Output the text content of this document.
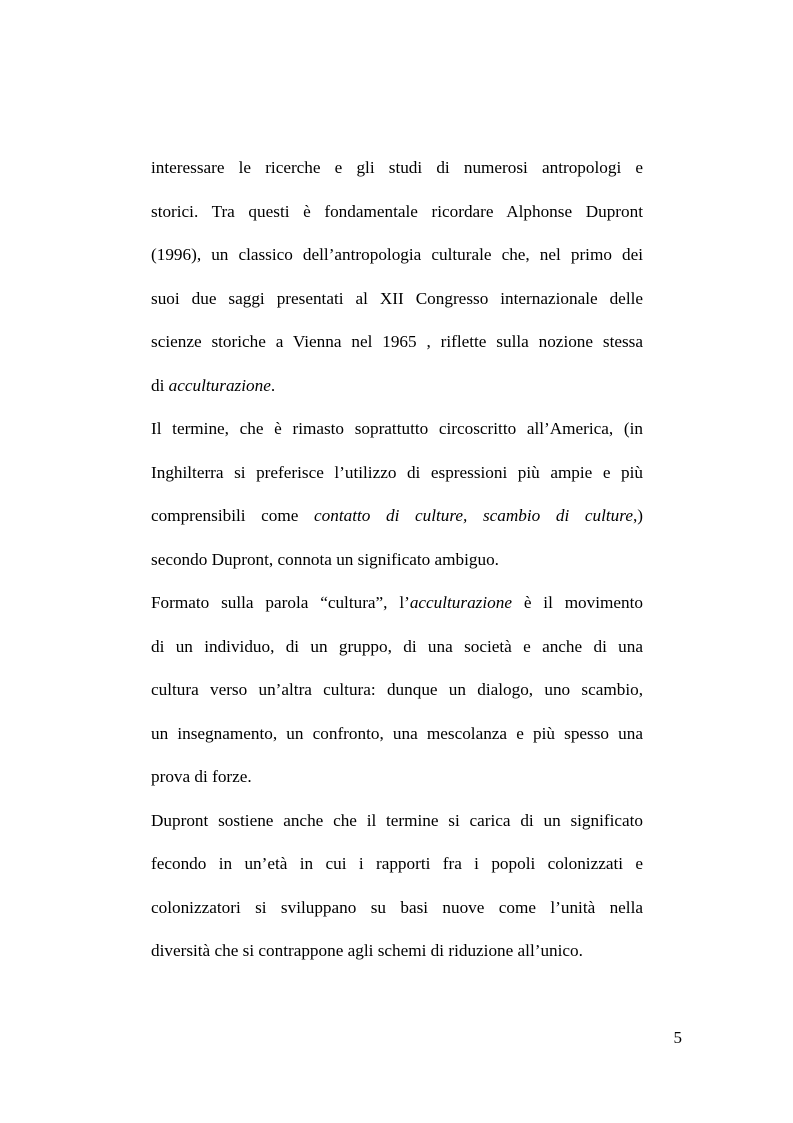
interessare le ricerche e gli studi di numerosi antropologi e
storici. Tra questi è fondamentale ricordare Alphonse Dupront
(1996), un classico dell’antropologia culturale che, nel primo dei
suoi due saggi presentati al XII Congresso internazionale delle
scienze storiche a Vienna nel 1965 , riflette sulla nozione stessa
di acculturazione.
Il termine, che è rimasto soprattutto circoscritto all’America, (in
Inghilterra si preferisce l’utilizzo di espressioni più ampie e più
comprensibili come contatto di culture, scambio di culture,)
secondo Dupront, connota un significato ambiguo.
Formato sulla parola “cultura”, l’acculturazione è il movimento
di un individuo, di un gruppo, di una società e anche di una
cultura verso un’altra cultura: dunque un dialogo, uno scambio,
un insegnamento, un confronto, una mescolanza e più spesso una
prova di forze.
Dupront sostiene anche che il termine si carica di un significato
fecondo in un’età in cui i rapporti fra i popoli colonizzati e
colonizzatori si sviluppano su basi nuove come l’unità nella
diversità che si contrappone agli schemi di riduzione all’unico.
5
